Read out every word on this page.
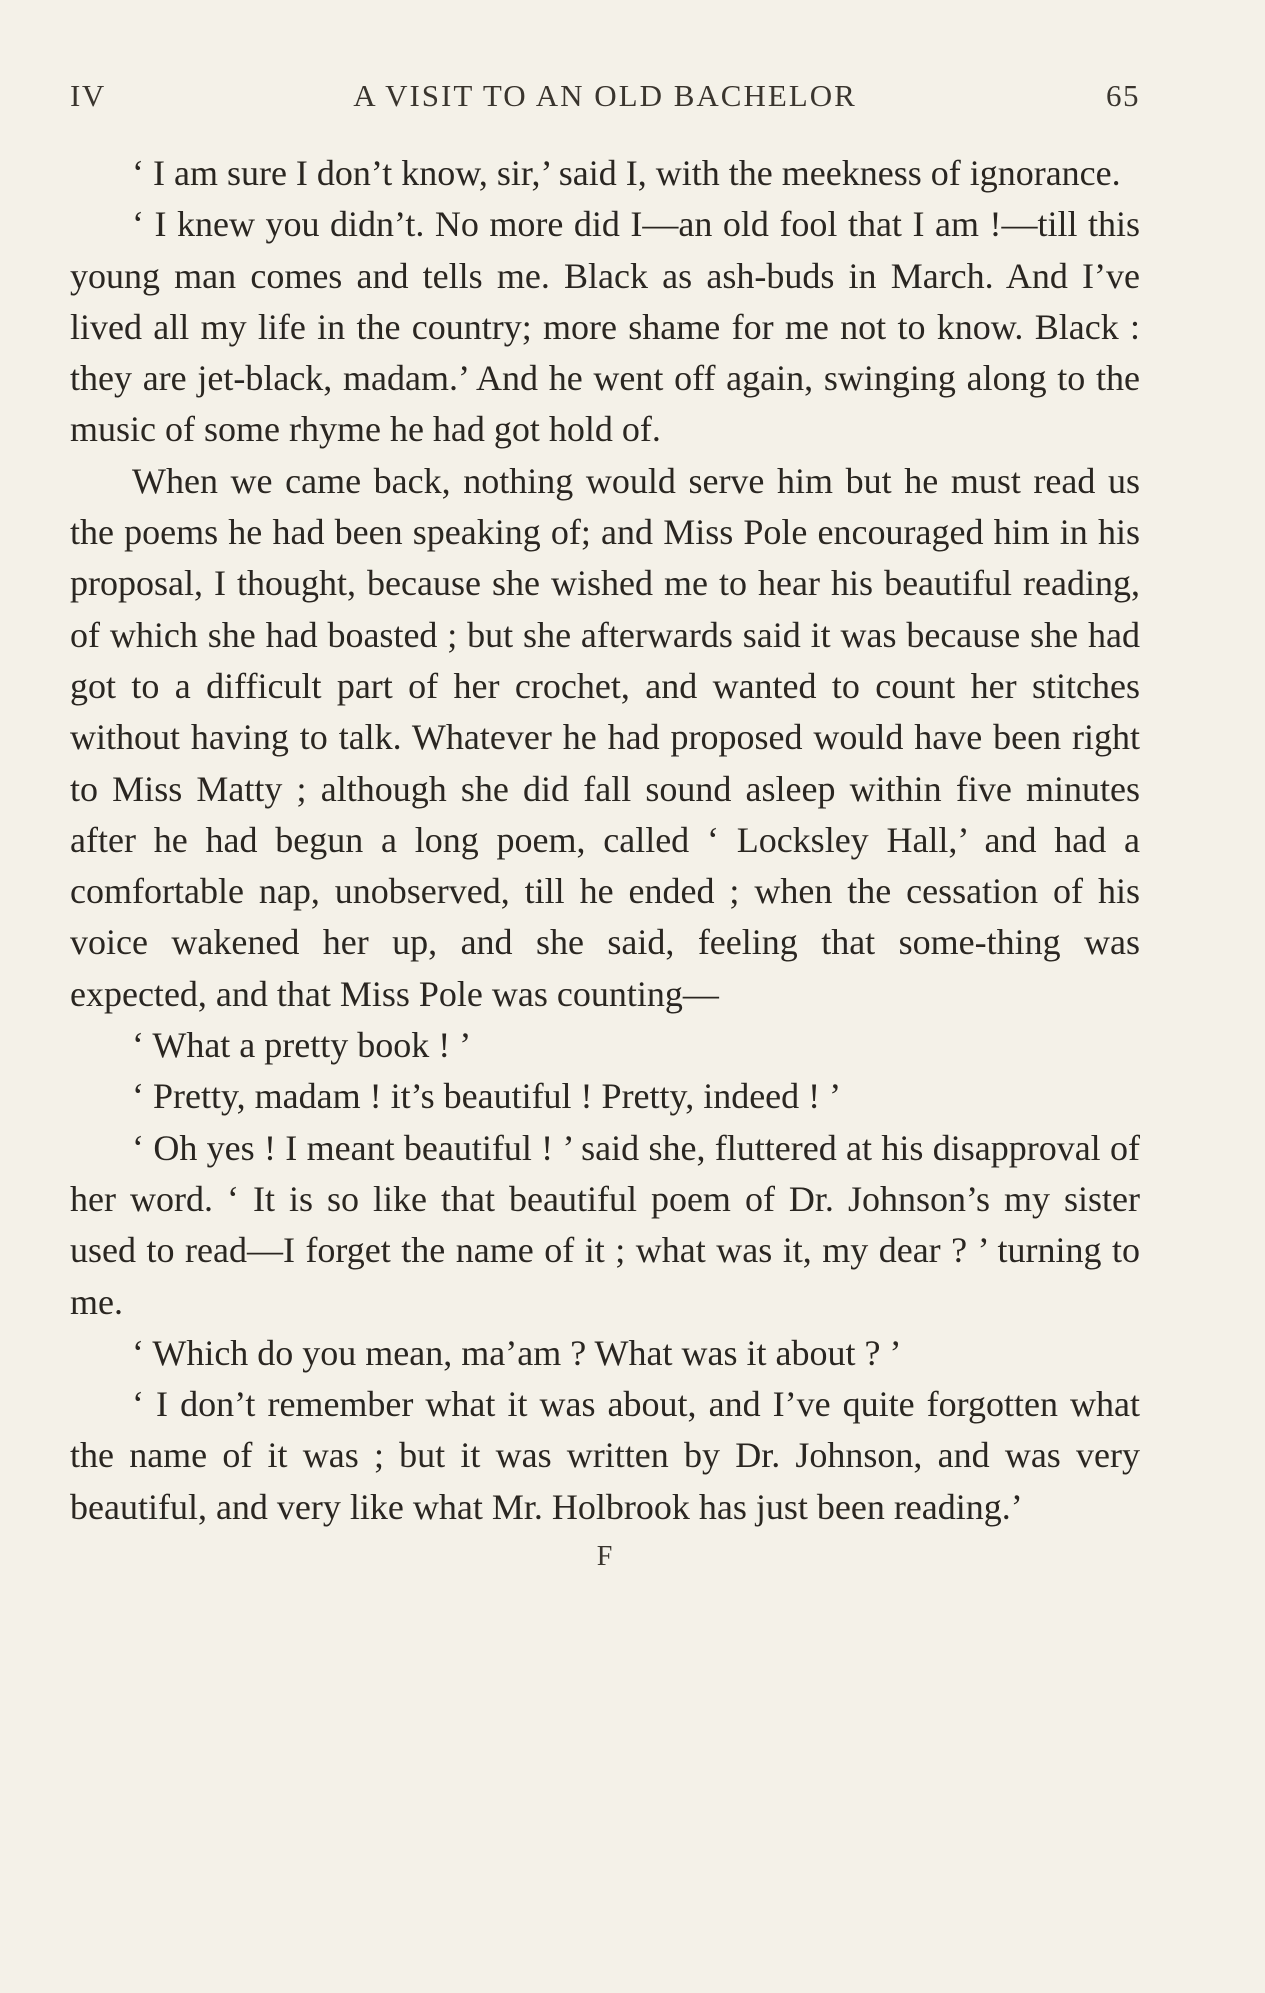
IV	A VISIT TO AN OLD BACHELOR	65

‘ I am sure I don’t know, sir,’ said I, with the meekness of ignorance.

‘ I knew you didn’t. No more did I—an old fool that I am !—till this young man comes and tells me. Black as ash-buds in March. And I’ve lived all my life in the country; more shame for me not to know. Black : they are jet-black, madam.’ And he went off again, swinging along to the music of some rhyme he had got hold of.

When we came back, nothing would serve him but he must read us the poems he had been speaking of; and Miss Pole encouraged him in his proposal, I thought, because she wished me to hear his beautiful reading, of which she had boasted ; but she afterwards said it was because she had got to a difficult part of her crochet, and wanted to count her stitches without having to talk. Whatever he had proposed would have been right to Miss Matty ; although she did fall sound asleep within five minutes after he had begun a long poem, called ‘ Locksley Hall,’ and had a comfortable nap, unobserved, till he ended ; when the cessation of his voice wakened her up, and she said, feeling that some-thing was expected, and that Miss Pole was counting—

‘ What a pretty book ! ’

‘ Pretty, madam ! it’s beautiful ! Pretty, indeed ! ’

‘ Oh yes ! I meant beautiful ! ’ said she, fluttered at his disapproval of her word. ‘ It is so like that beautiful poem of Dr. Johnson’s my sister used to read—I forget the name of it ; what was it, my dear ? ’ turning to me.

‘ Which do you mean, ma’am ? What was it about ? ’

‘ I don’t remember what it was about, and I’ve quite forgotten what the name of it was ; but it was written by Dr. Johnson, and was very beautiful, and very like what Mr. Holbrook has just been reading.’

F
